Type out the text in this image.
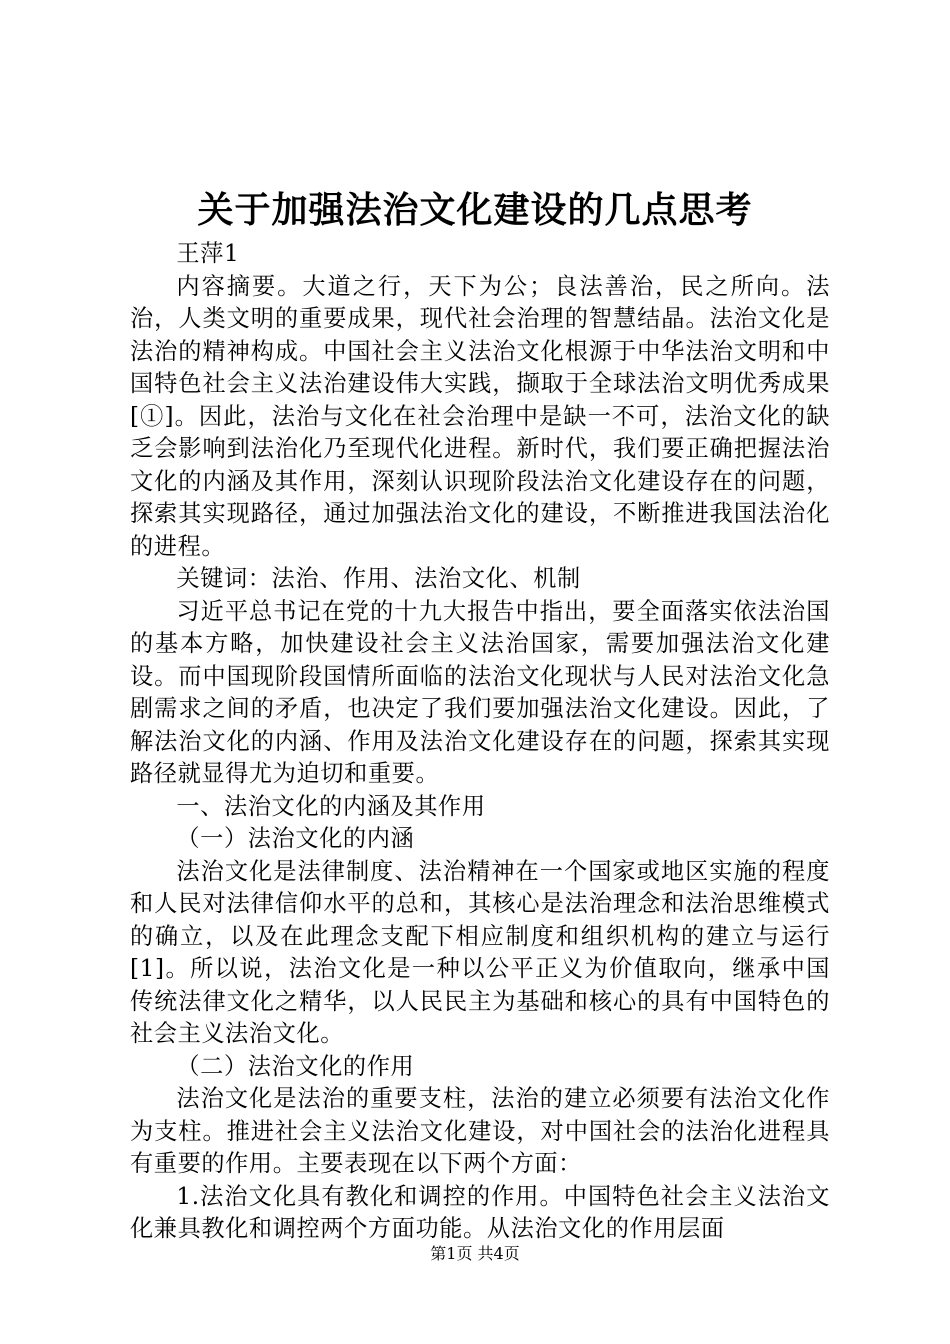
关于加强法治文化建设的几点思考

王萍1

内容摘要。大道之行，天下为公；良法善治，民之所向。法治，人类文明的重要成果，现代社会治理的智慧结晶。法治文化是法治的精神构成。中国社会主义法治文化根源于中华法治文明和中国特色社会主义法治建设伟大实践，撷取于全球法治文明优秀成果[①]。因此，法治与文化在社会治理中是缺一不可，法治文化的缺乏会影响到法治化乃至现代化进程。新时代，我们要正确把握法治文化的内涵及其作用，深刻认识现阶段法治文化建设存在的问题，探索其实现路径，通过加强法治文化的建设，不断推进我国法治化的进程。

关键词：法治、作用、法治文化、机制

习近平总书记在党的十九大报告中指出，要全面落实依法治国的基本方略，加快建设社会主义法治国家，需要加强法治文化建设。而中国现阶段国情所面临的法治文化现状与人民对法治文化急剧需求之间的矛盾，也决定了我们要加强法治文化建设。因此，了解法治文化的内涵、作用及法治文化建设存在的问题，探索其实现路径就显得尤为迫切和重要。

一、法治文化的内涵及其作用

（一）法治文化的内涵

法治文化是法律制度、法治精神在一个国家或地区实施的程度和人民对法律信仰水平的总和，其核心是法治理念和法治思维模式的确立，以及在此理念支配下相应制度和组织机构的建立与运行[1]。所以说，法治文化是一种以公平正义为价值取向，继承中国传统法律文化之精华，以人民民主为基础和核心的具有中国特色的社会主义法治文化。

（二）法治文化的作用

法治文化是法治的重要支柱，法治的建立必须要有法治文化作为支柱。推进社会主义法治文化建设，对中国社会的法治化进程具有重要的作用。主要表现在以下两个方面：

1.法治文化具有教化和调控的作用。中国特色社会主义法治文化兼具教化和调控两个方面功能。从法治文化的作用层面

第1页 共4页
